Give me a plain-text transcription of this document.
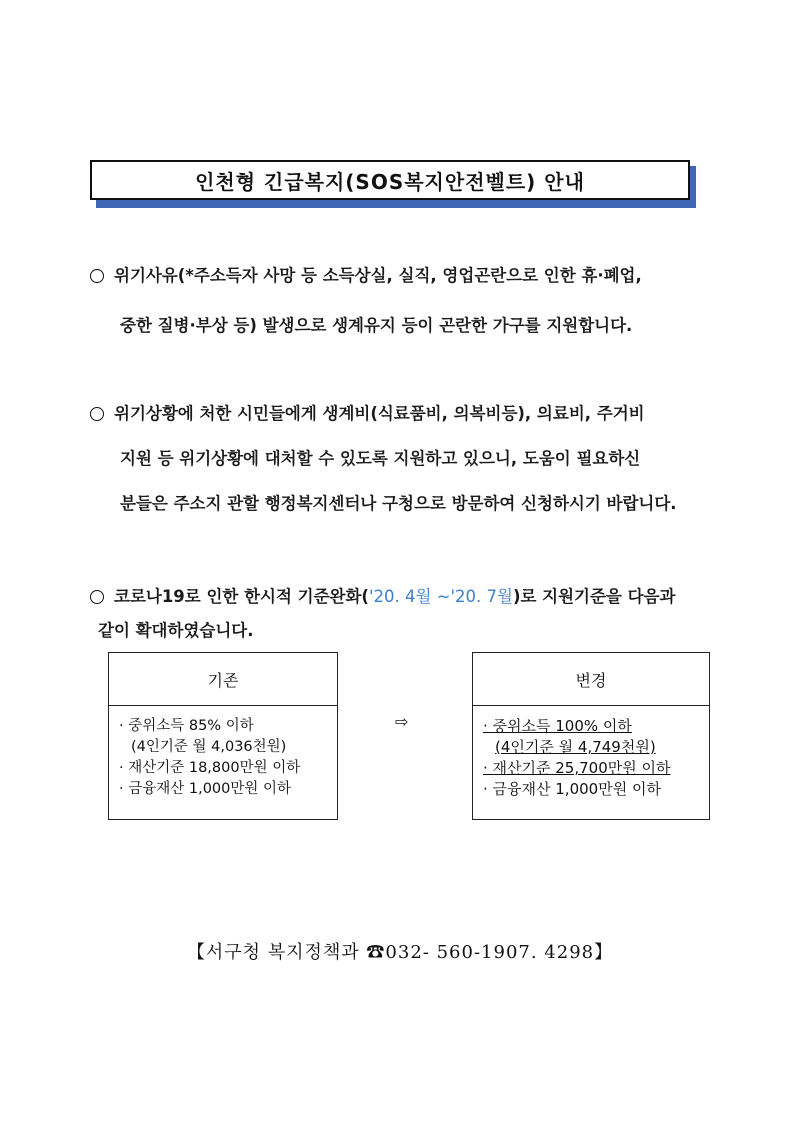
인천형 긴급복지(SOS복지안전벨트) 안내
위기사유(*주소득자 사망 등 소득상실, 실직, 영업곤란으로 인한 휴·폐업,
중한 질병·부상 등) 발생으로 생계유지 등이 곤란한 가구를 지원합니다.
위기상황에 처한 시민들에게 생계비(식료품비, 의복비등), 의료비, 주거비
지원 등 위기상황에 대처할 수 있도록 지원하고 있으니, 도움이 필요하신
분들은 주소지 관할 행정복지센터나 구청으로 방문하여 신청하시기 바랍니다.
코로나19로 인한 한시적 기준완화('20. 4월 ~'20. 7월)로 지원기준을 다음과
같이 확대하였습니다.
기존
· 중위소득 85% 이하
(4인기준 월 4,036천원)
· 재산기준 18,800만원 이하
· 금융재산 1,000만원 이하
⇨
변경
· 중위소득 100% 이하
(4인기준 월 4,749천원)
· 재산기준 25,700만원 이하
· 금융재산 1,000만원 이하
【서구청 복지정책과 ☎032- 560-1907. 4298】
